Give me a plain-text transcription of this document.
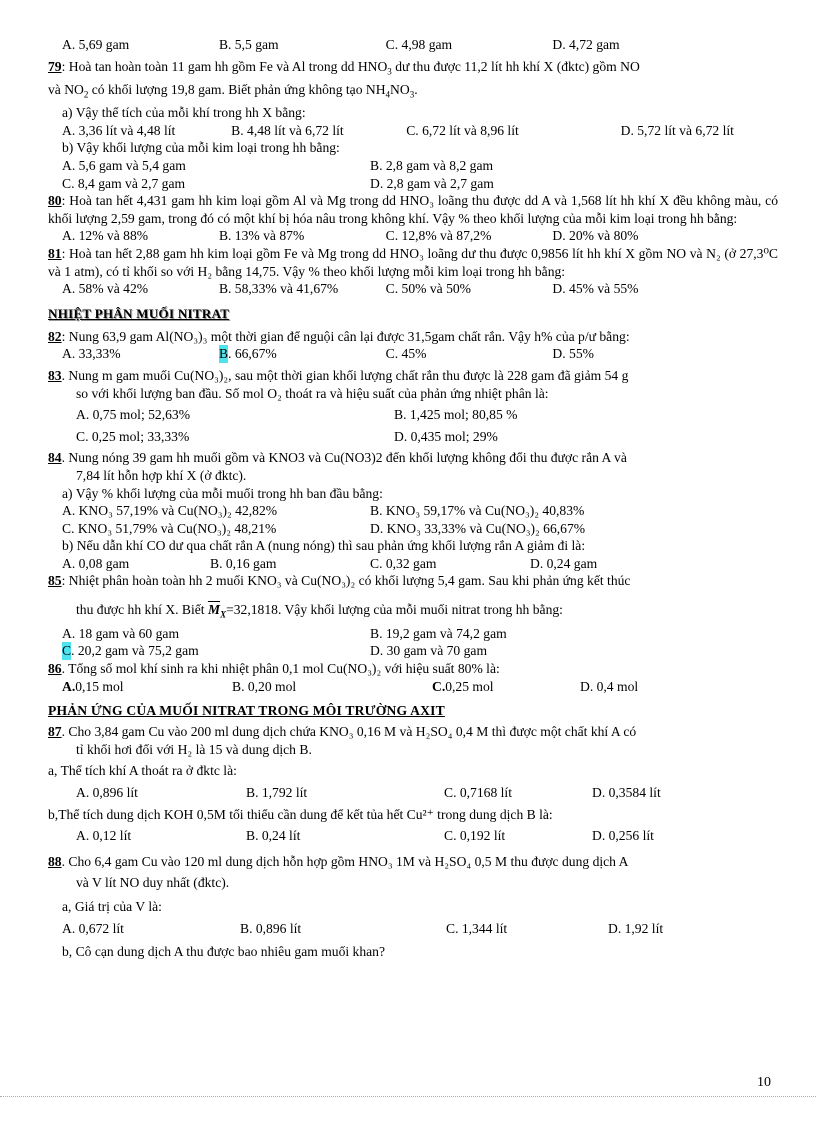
A. 5,69 gam	B. 5,5 gam	C. 4,98 gam	D. 4,72 gam
79: Hoà tan hoàn toàn 11 gam hh gồm Fe và Al trong dd $HNO_3$ dư thu được 11,2 lít hh khí X (đktc) gồm NO
và $NO_2$ có khối lượng 19,8 gam. Biết phản ứng không tạo $NH_4NO_3$.
a) Vậy thể tích của mỗi khí trong hh X bằng:
A. 3,36 lít và 4,48 lít	B. 4,48 lít và 6,72 lít	C. 6,72 lít và 8,96 lít	D. 5,72 lít và 6,72 lít
b) Vậy khối lượng của mỗi kim loại trong hh bằng:
A. 5,6 gam và 5,4 gam	B. 2,8 gam và 8,2 gam
C. 8,4 gam và 2,7 gam	D. 2,8 gam và 2,7 gam
80: Hoà tan hết 4,431 gam hh kim loại gồm Al và Mg trong dd HNO₃ loãng thu được dd A và 1,568 lít hh khí X đều không màu, có khối lượng 2,59 gam, trong đó có một khí bị hóa nâu trong không khí. Vậy % theo khối lượng của mỗi kim loại trong hh bằng:
A. 12% và 88%	B. 13% và 87%	C. 12,8% và 87,2%	D. 20% và 80%
81: Hoà tan hết 2,88 gam hh kim loại gồm Fe và Mg trong dd HNO₃ loãng dư thu được 0,9856 lít hh khí X gồm NO và N₂ (ở 27,3⁰C và 1 atm), có tỉ khối so với H₂ bằng 14,75. Vậy % theo khối lượng mỗi kim loại trong hh bằng:
A. 58% và 42%	B. 58,33% và 41,67%	C. 50% và 50%	D. 45% và 55%
NHIỆT PHÂN MUỐI NITRAT
82: Nung 63,9 gam Al(NO₃)₃ một thời gian để nguội cân lại được 31,5gam chất rắn. Vậy h% của p/ư bằng:
A. 33,33%	B. 66,67%	C. 45%	D. 55%
83. Nung m gam muối Cu(NO₃)₂, sau một thời gian khối lượng chất rắn thu được là 228 gam đã giảm 54 g
so với khối lượng ban đầu. Số mol O₂ thoát ra và hiệu suất của phản ứng nhiệt phân là:
A. 0,75 mol; 52,63%	B. 1,425 mol; 80,85 %
C. 0,25 mol; 33,33%	D. 0,435 mol; 29%
84. Nung nóng 39 gam hh muối gồm và KNO3 và Cu(NO3)2 đến khối lượng không đổi thu được rắn A và
7,84 lít hỗn hợp khí X (ở đktc).
a) Vậy % khối lượng của mỗi muối trong hh ban đầu bằng:
A. KNO₃ 57,19% và Cu(NO₃)₂ 42,82%	B. KNO₃ 59,17% và Cu(NO₃)₂ 40,83%
C. KNO₃ 51,79% và Cu(NO₃)₂ 48,21%	D. KNO₃ 33,33% và Cu(NO₃)₂ 66,67%
b) Nếu dẫn khí CO dư qua chất rắn A (nung nóng) thì sau phản ứng khối lượng rắn A giảm đi là:
A. 0,08 gam	B. 0,16 gam	C. 0,32 gam	D. 0,24 gam
85: Nhiệt phân hoàn toàn hh 2 muối KNO₃ và Cu(NO₃)₂ có khối lượng 5,4 gam. Sau khi phản ứng kết thúc
thu được hh khí X. Biết $\overline{M}_X=32,1818$. Vậy khối lượng của mỗi muối nitrat trong hh bằng:
A. 18 gam và 60 gam	B. 19,2 gam và 74,2 gam
C. 20,2 gam và 75,2 gam	D. 30 gam và 70 gam
86. Tổng số mol khí sinh ra khi nhiệt phân 0,1 mol Cu(NO₃)₂ với hiệu suất 80% là:
A.0,15 mol	B. 0,20 mol	C.0,25 mol	D. 0,4 mol
PHẢN ỨNG CỦA MUỐI NITRAT TRONG MÔI TRƯỜNG AXIT
87. Cho 3,84 gam Cu vào 200 ml dung dịch chứa KNO₃ 0,16 M và H₂SO₄ 0,4 M thì được một chất khí A có
tỉ khối hơi đối với H₂ là 15 và dung dịch B.
a, Thể tích khí A thoát ra ở đktc là:
A. 0,896 lít	B. 1,792 lít	C. 0,7168 lít	D. 0,3584 lít
b,Thể tích dung dịch KOH 0,5M tối thiểu cần dung để kết tủa hết Cu²⁺ trong dung dịch B là:
A. 0,12 lít	B. 0,24 lít	C. 0,192 lít	D. 0,256 lít
88. Cho 6,4 gam Cu vào 120 ml dung dịch hỗn hợp gồm HNO₃ 1M và H₂SO₄ 0,5 M thu được dung dịch A
và V lít NO duy nhất (đktc).
a, Giá trị của V là:
A. 0,672 lít	B. 0,896 lít	C. 1,344 lít	D. 1,92 lít
b, Cô cạn dung dịch A thu được bao nhiêu gam muối khan?
10
